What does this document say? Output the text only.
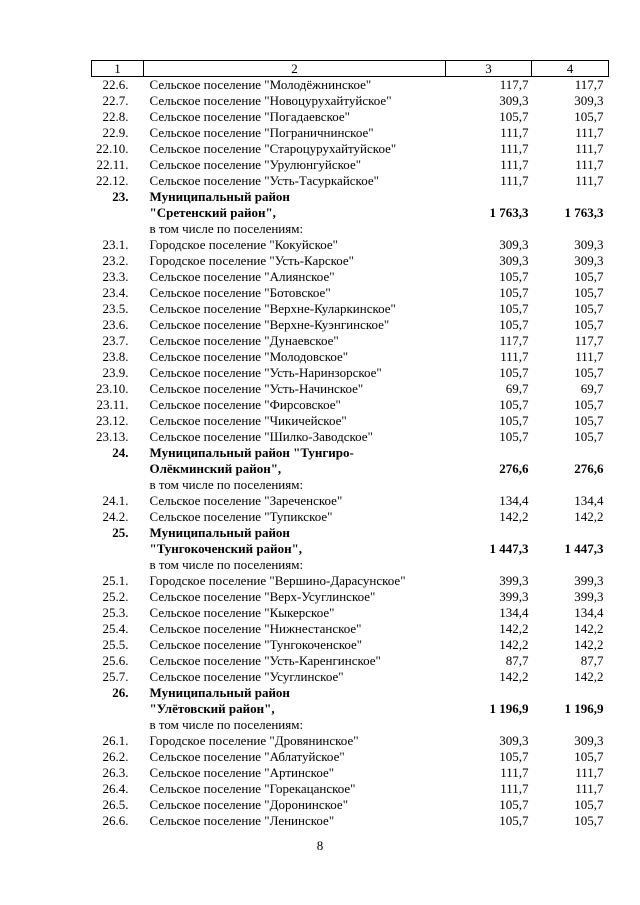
1	2	3	4
22.6.	Сельское поселение "Молодёжнинское"	117,7	117,7
22.7.	Сельское поселение "Новоцурухайтуйское"	309,3	309,3
22.8.	Сельское поселение "Погадаевское"	105,7	105,7
22.9.	Сельское поселение "Пограничнинское"	111,7	111,7
22.10.	Сельское поселение "Староцурухайтуйское"	111,7	111,7
22.11.	Сельское поселение "Урулюнгуйское"	111,7	111,7
22.12.	Сельское поселение "Усть-Тасуркайское"	111,7	111,7
23.	Муниципальный район		
	"Сретенский район",	1 763,3	1 763,3
	в том числе по поселениям:		
23.1.	Городское поселение "Кокуйское"	309,3	309,3
23.2.	Городское поселение "Усть-Карское"	309,3	309,3
23.3.	Сельское поселение "Алиянское"	105,7	105,7
23.4.	Сельское поселение "Ботовское"	105,7	105,7
23.5.	Сельское поселение "Верхне-Куларкинское"	105,7	105,7
23.6.	Сельское поселение "Верхне-Куэнгинское"	105,7	105,7
23.7.	Сельское поселение "Дунаевское"	117,7	117,7
23.8.	Сельское поселение "Молодовское"	111,7	111,7
23.9.	Сельское поселение "Усть-Наринзорское"	105,7	105,7
23.10.	Сельское поселение "Усть-Начинское"	69,7	69,7
23.11.	Сельское поселение "Фирсовское"	105,7	105,7
23.12.	Сельское поселение "Чикичейское"	105,7	105,7
23.13.	Сельское поселение "Шилко-Заводское"	105,7	105,7
24.	Муниципальный район "Тунгиро-		
	Олёкминский район",	276,6	276,6
	в том числе по поселениям:		
24.1.	Сельское поселение "Зареченское"	134,4	134,4
24.2.	Сельское поселение "Тупикское"	142,2	142,2
25.	Муниципальный район		
	"Тунгокоченский район",	1 447,3	1 447,3
	в том числе по поселениям:		
25.1.	Городское поселение "Вершино-Дарасунское"	399,3	399,3
25.2.	Сельское поселение "Верх-Усуглинское"	399,3	399,3
25.3.	Сельское поселение "Кыкерское"	134,4	134,4
25.4.	Сельское поселение "Нижнестанское"	142,2	142,2
25.5.	Сельское поселение "Тунгокоченское"	142,2	142,2
25.6.	Сельское поселение "Усть-Каренгинское"	87,7	87,7
25.7.	Сельское поселение "Усуглинское"	142,2	142,2
26.	Муниципальный район		
	"Улётовский район",	1 196,9	1 196,9
	в том числе по поселениям:		
26.1.	Городское поселение "Дровянинское"	309,3	309,3
26.2.	Сельское поселение "Аблатуйское"	105,7	105,7
26.3.	Сельское поселение "Артинское"	111,7	111,7
26.4.	Сельское поселение "Горекацанское"	111,7	111,7
26.5.	Сельское поселение "Доронинское"	105,7	105,7
26.6.	Сельское поселение "Ленинское"	105,7	105,7
8
